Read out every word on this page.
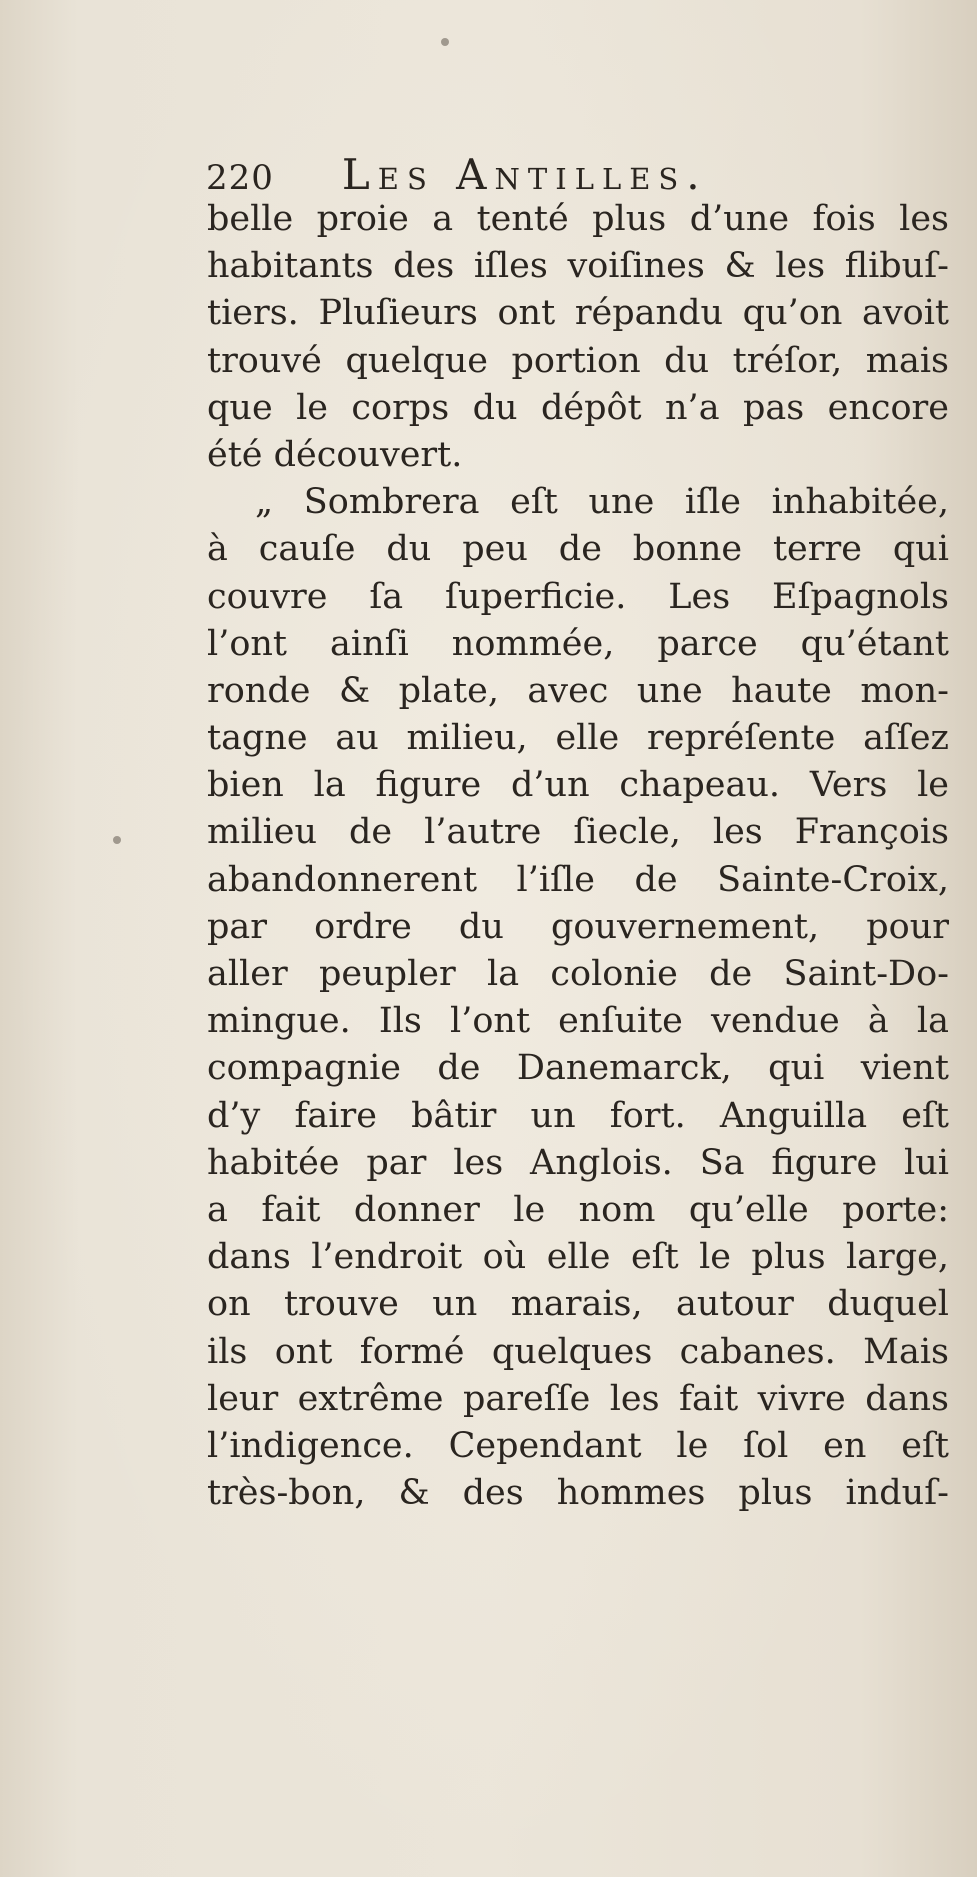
220 Les Antilles.
belle proie a tenté plus d’une fois les
habitants des iſles voiſines & les flibuſ-
tiers. Pluſieurs ont répandu qu’on avoit
trouvé quelque portion du tréſor, mais
que le corps du dépôt n’a pas encore
été découvert.
„ Sombrera eſt une iſle inhabitée,
à cauſe du peu de bonne terre qui
couvre ſa ſuperficie. Les Eſpagnols
l’ont ainſi nommée, parce qu’étant
ronde & plate, avec une haute mon-
tagne au milieu, elle repréſente aſſez
bien la figure d’un chapeau. Vers le
milieu de l’autre ſiecle, les François
abandonnerent l’iſle de Sainte-Croix,
par ordre du gouvernement, pour
aller peupler la colonie de Saint-Do-
mingue. Ils l’ont enſuite vendue à la
compagnie de Danemarck, qui vient
d’y faire bâtir un fort. Anguilla eſt
habitée par les Anglois. Sa figure lui
a fait donner le nom qu’elle porte:
dans l’endroit où elle eſt le plus large,
on trouve un marais, autour duquel
ils ont formé quelques cabanes. Mais
leur extrême pareſſe les fait vivre dans
l’indigence. Cependant le ſol en eſt
très-bon, & des hommes plus induſ-
